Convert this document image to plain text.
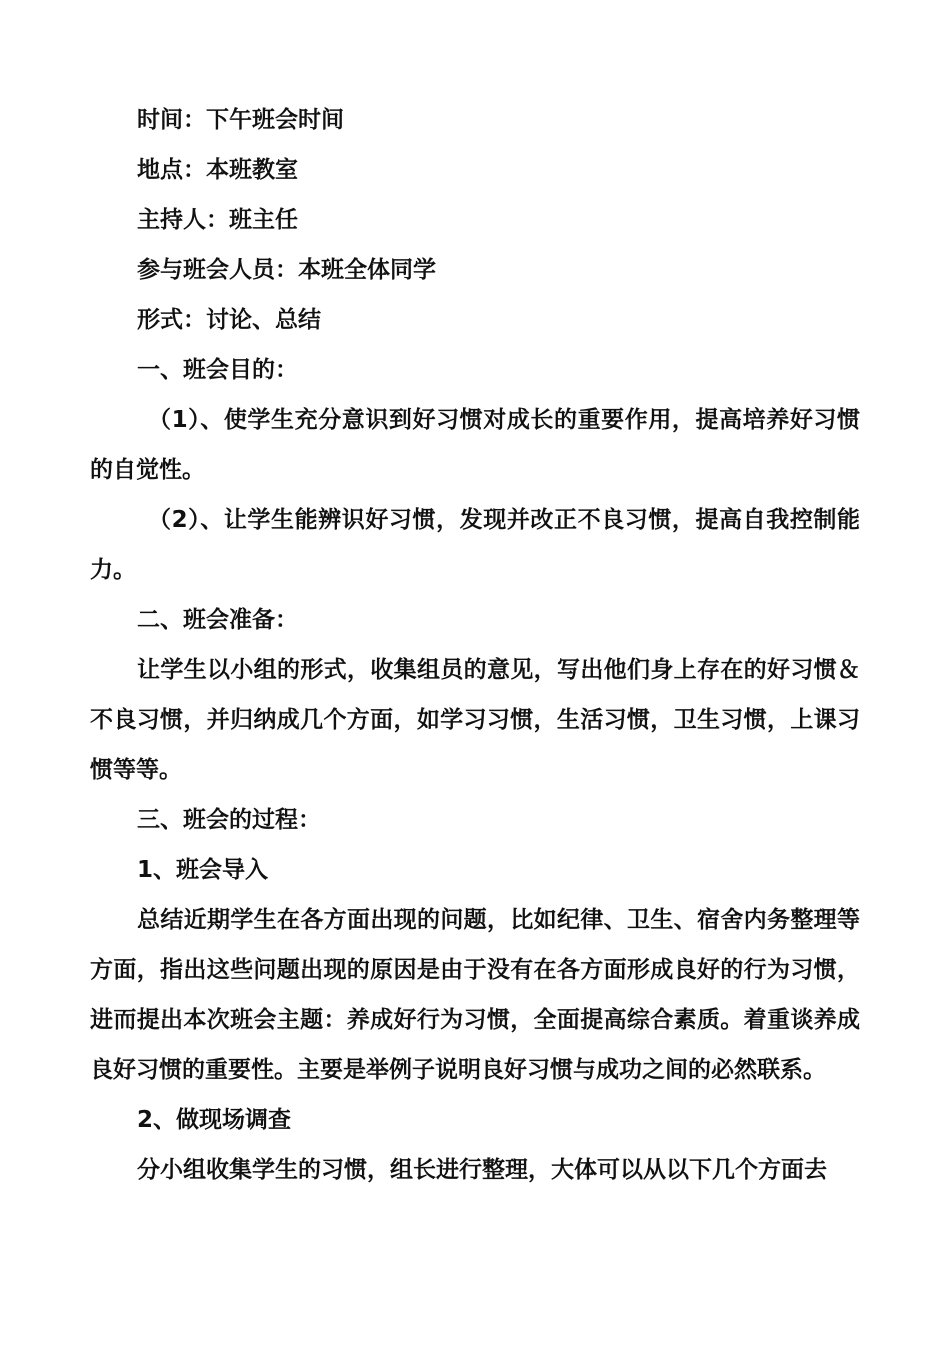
时间：下午班会时间

地点：本班教室

主持人：班主任

参与班会人员：本班全体同学

形式：讨论、总结

一、班会目的：

（1）、使学生充分意识到好习惯对成长的重要作用，提高培养好习惯的自觉性。

（2）、让学生能辨识好习惯，发现并改正不良习惯，提高自我控制能力。

二、班会准备：

让学生以小组的形式，收集组员的意见，写出他们身上存在的好习惯＆不良习惯，并归纳成几个方面，如学习习惯，生活习惯，卫生习惯，上课习惯等等。

三、班会的过程：

1、班会导入

总结近期学生在各方面出现的问题，比如纪律、卫生、宿舍内务整理等方面，指出这些问题出现的原因是由于没有在各方面形成良好的行为习惯，进而提出本次班会主题：养成好行为习惯，全面提高综合素质。着重谈养成良好习惯的重要性。主要是举例子说明良好习惯与成功之间的必然联系。

2、做现场调查

分小组收集学生的习惯，组长进行整理，大体可以从以下几个方面去
